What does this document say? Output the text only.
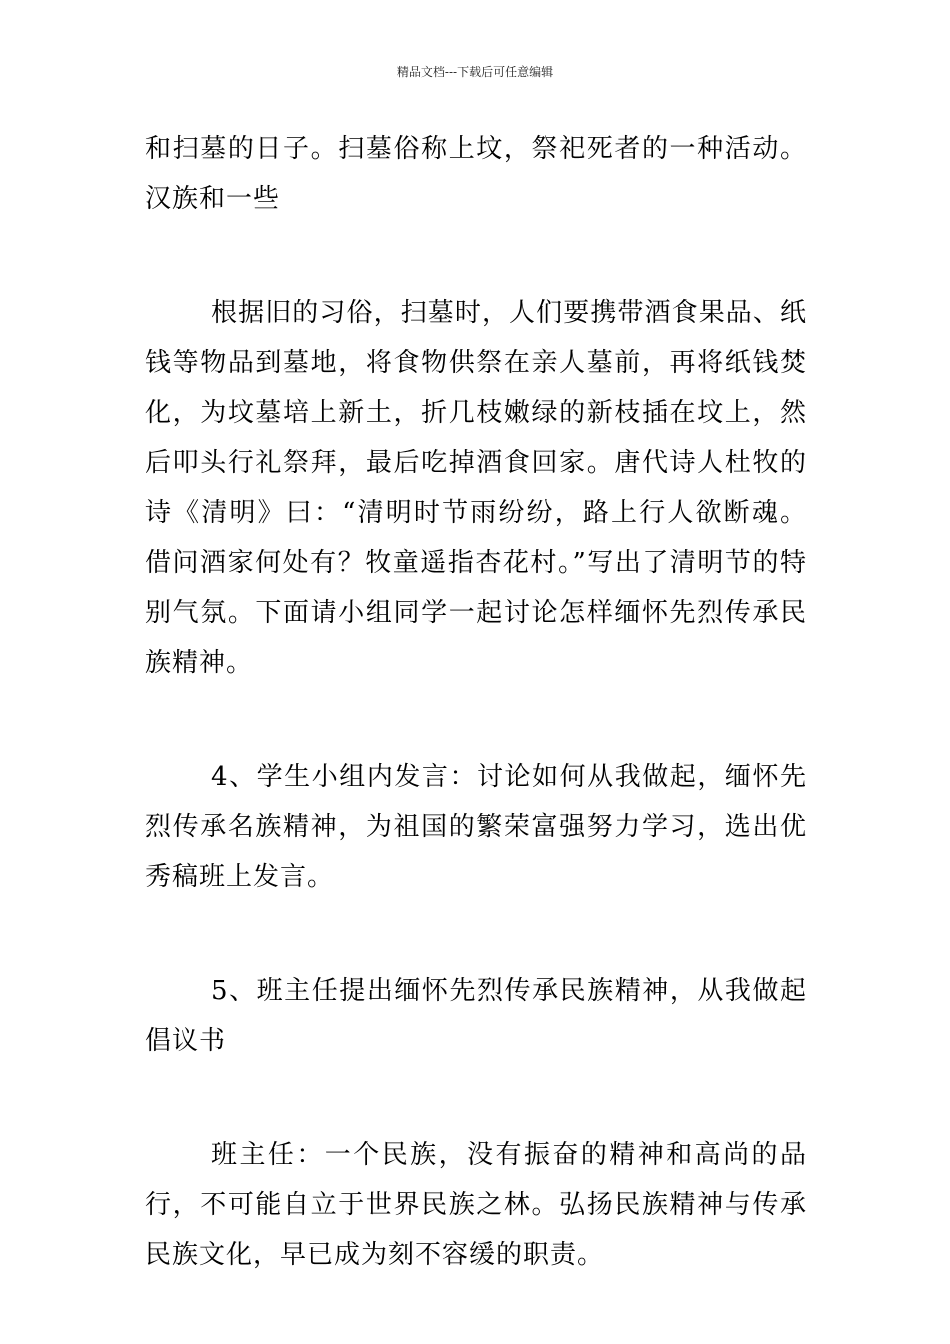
精品文档---下载后可任意编辑

和扫墓的日子。扫墓俗称上坟，祭祀死者的一种活动。汉族和一些

根据旧的习俗，扫墓时，人们要携带酒食果品、纸钱等物品到墓地，将食物供祭在亲人墓前，再将纸钱焚化，为坟墓培上新土，折几枝嫩绿的新枝插在坟上，然后叩头行礼祭拜，最后吃掉酒食回家。唐代诗人杜牧的诗《清明》曰：“清明时节雨纷纷，路上行人欲断魂。借问酒家何处有？牧童遥指杏花村。”写出了清明节的特别气氛。下面请小组同学一起讨论怎样缅怀先烈传承民族精神。

4、学生小组内发言：讨论如何从我做起，缅怀先烈传承名族精神，为祖国的繁荣富强努力学习，选出优秀稿班上发言。

5、班主任提出缅怀先烈传承民族精神，从我做起倡议书

班主任：一个民族，没有振奋的精神和高尚的品行，不可能自立于世界民族之林。弘扬民族精神与传承民族文化，早已成为刻不容缓的职责。
